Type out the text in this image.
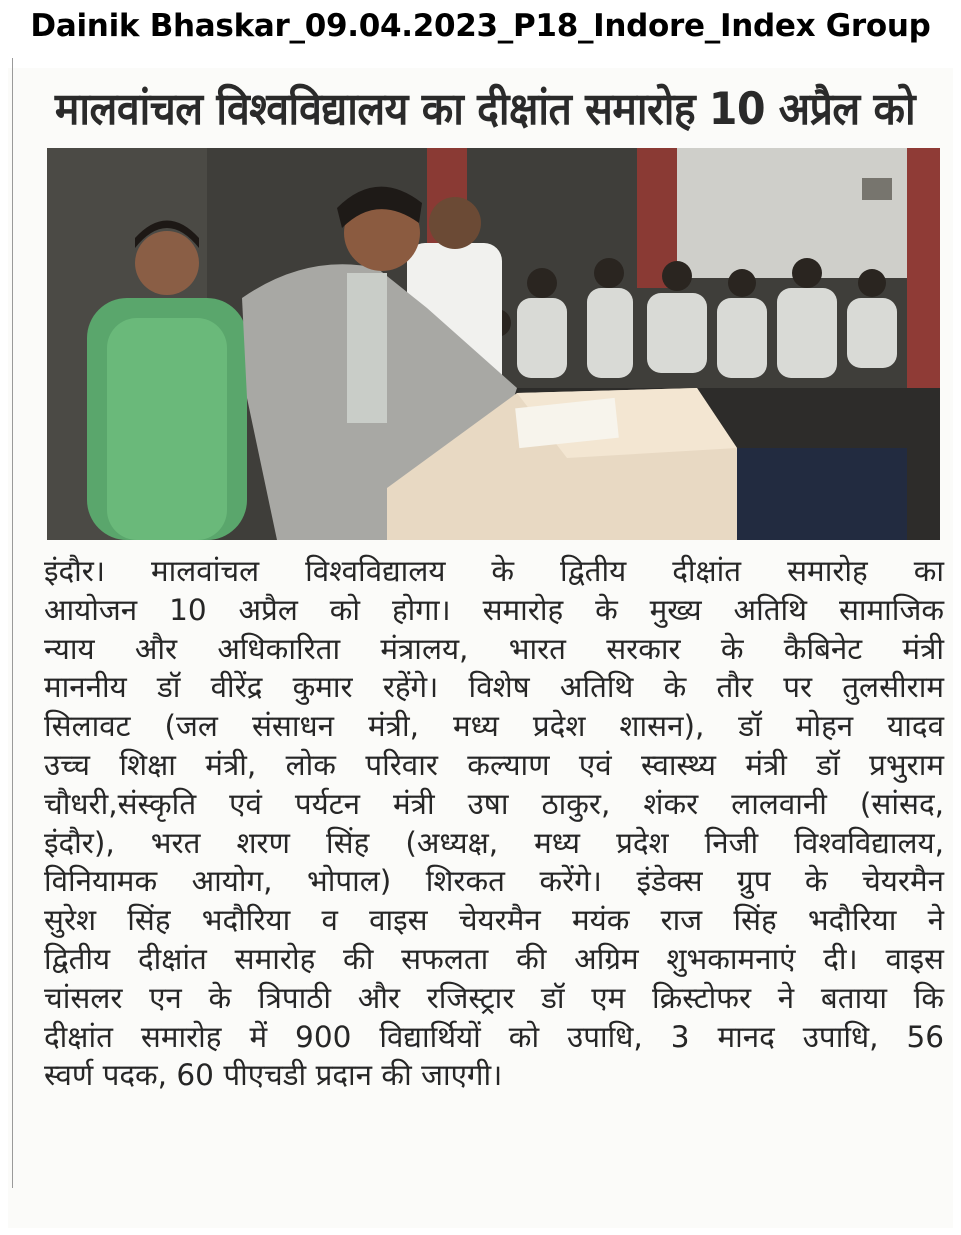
Dainik Bhaskar_09.04.2023_P18_Indore_Index Group
मालवांचल विश्वविद्यालय का दीक्षांत समारोह 10 अप्रैल को
इंदौर। मालवांचल विश्वविद्यालय के द्वितीय दीक्षांत समारोह का
आयोजन 10 अप्रैल को होगा। समारोह के मुख्य अतिथि सामाजिक
न्याय और अधिकारिता मंत्रालय, भारत सरकार के कैबिनेट मंत्री
माननीय डॉ वीरेंद्र कुमार रहेंगे। विशेष अतिथि के तौर पर तुलसीराम
सिलावट (जल संसाधन मंत्री, मध्य प्रदेश शासन), डॉ मोहन यादव
उच्च शिक्षा मंत्री, लोक परिवार कल्याण एवं स्वास्थ्य मंत्री डॉ प्रभुराम
चौधरी,संस्कृति एवं पर्यटन मंत्री उषा ठाकुर, शंकर लालवानी (सांसद,
इंदौर), भरत शरण सिंह (अध्यक्ष, मध्य प्रदेश निजी विश्वविद्यालय,
विनियामक आयोग, भोपाल) शिरकत करेंगे। इंडेक्स ग्रुप के चेयरमैन
सुरेश सिंह भदौरिया व वाइस चेयरमैन मयंक राज सिंह भदौरिया ने
द्वितीय दीक्षांत समारोह की सफलता की अग्रिम शुभकामनाएं दी। वाइस
चांसलर एन के त्रिपाठी और रजिस्ट्रार डॉ एम क्रिस्टोफर ने बताया कि
दीक्षांत समारोह में 900 विद्यार्थियों को उपाधि, 3 मानद उपाधि, 56
स्वर्ण पदक, 60 पीएचडी प्रदान की जाएगी।
